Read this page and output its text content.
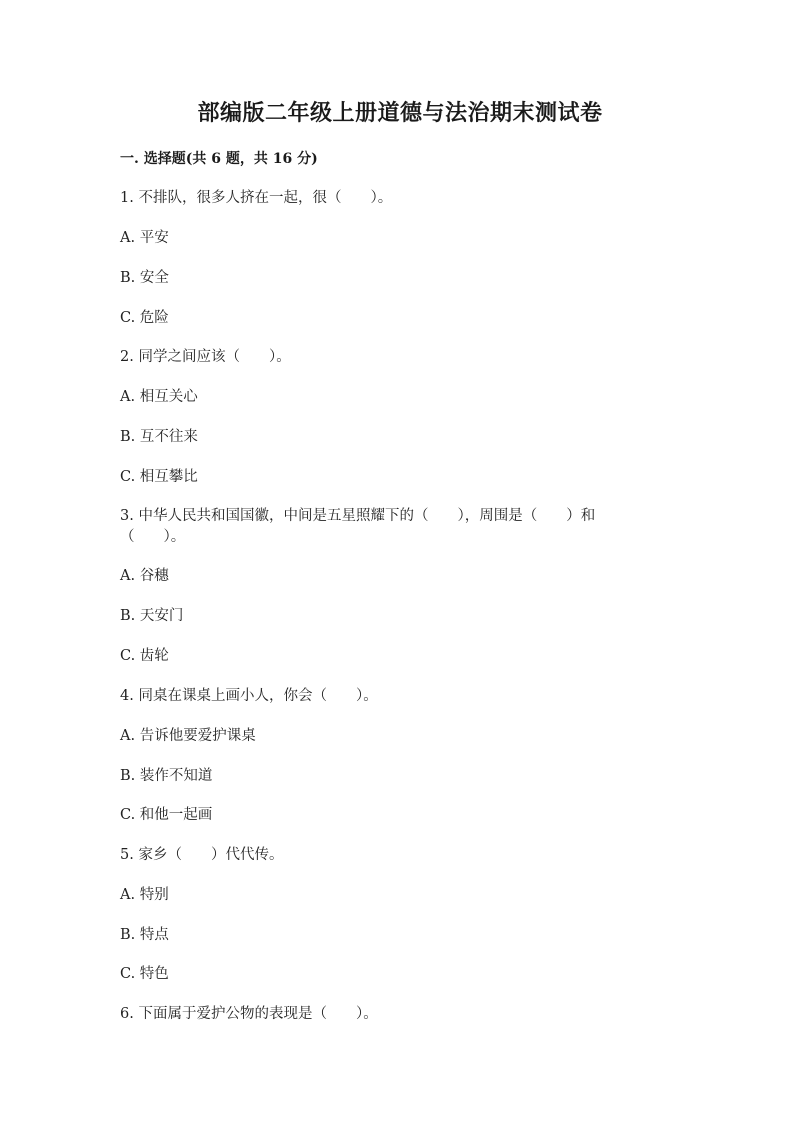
部编版二年级上册道德与法治期末测试卷
一. 选择题(共 6 题，共 16 分)
1. 不排队，很多人挤在一起，很（　　）。
A. 平安
B. 安全
C. 危险
2. 同学之间应该（　　）。
A. 相互关心
B. 互不往来
C. 相互攀比
3. 中华人民共和国国徽，中间是五星照耀下的（　　），周围是（　　）和（　　）。
A. 谷穗
B. 天安门
C. 齿轮
4. 同桌在课桌上画小人，你会（　　）。
A. 告诉他要爱护课桌
B. 装作不知道
C. 和他一起画
5. 家乡（　　）代代传。
A. 特别
B. 特点
C. 特色
6. 下面属于爱护公物的表现是（　　）。
